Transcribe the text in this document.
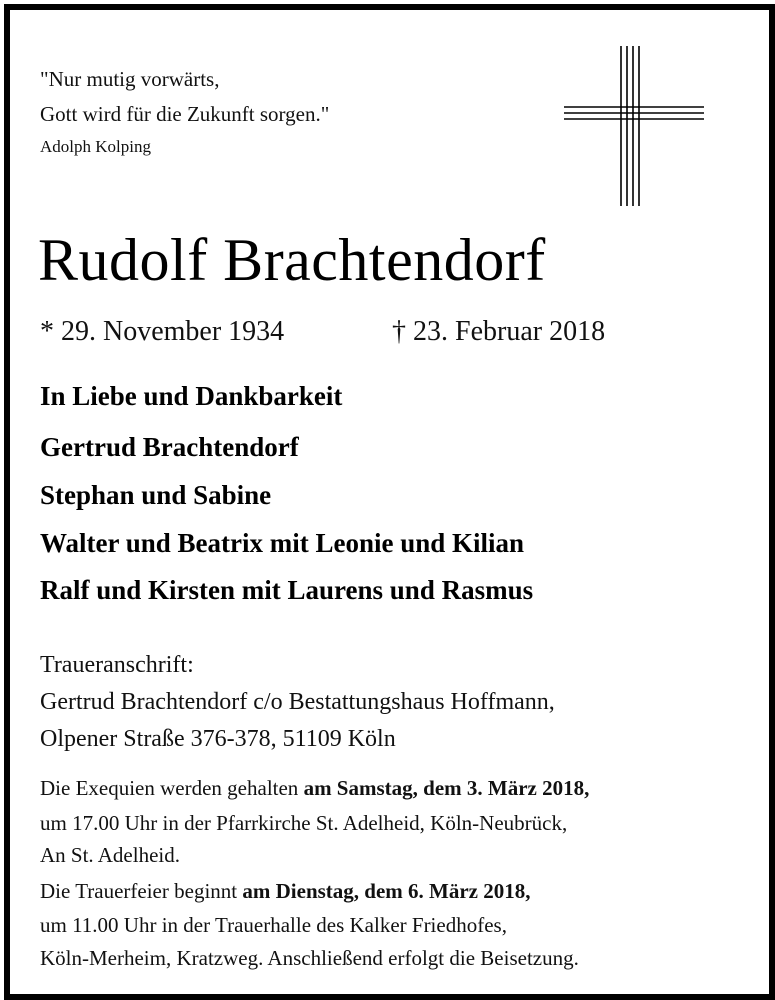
"Nur mutig vorwärts,
Gott wird für die Zukunft sorgen."
Adolph Kolping
Rudolf Brachtendorf
* 29. November 1934	† 23. Februar 2018
In Liebe und Dankbarkeit
Gertrud Brachtendorf
Stephan und Sabine
Walter und Beatrix mit Leonie und Kilian
Ralf und Kirsten mit Laurens und Rasmus
Traueranschrift:
Gertrud Brachtendorf c/o Bestattungshaus Hoffmann,
Olpener Straße 376-378, 51109 Köln
Die Exequien werden gehalten am Samstag, dem 3. März 2018,
um 17.00 Uhr in der Pfarrkirche St. Adelheid, Köln-Neubrück,
An St. Adelheid.
Die Trauerfeier beginnt am Dienstag, dem 6. März 2018,
um 11.00 Uhr in der Trauerhalle des Kalker Friedhofes,
Köln-Merheim, Kratzweg. Anschließend erfolgt die Beisetzung.
